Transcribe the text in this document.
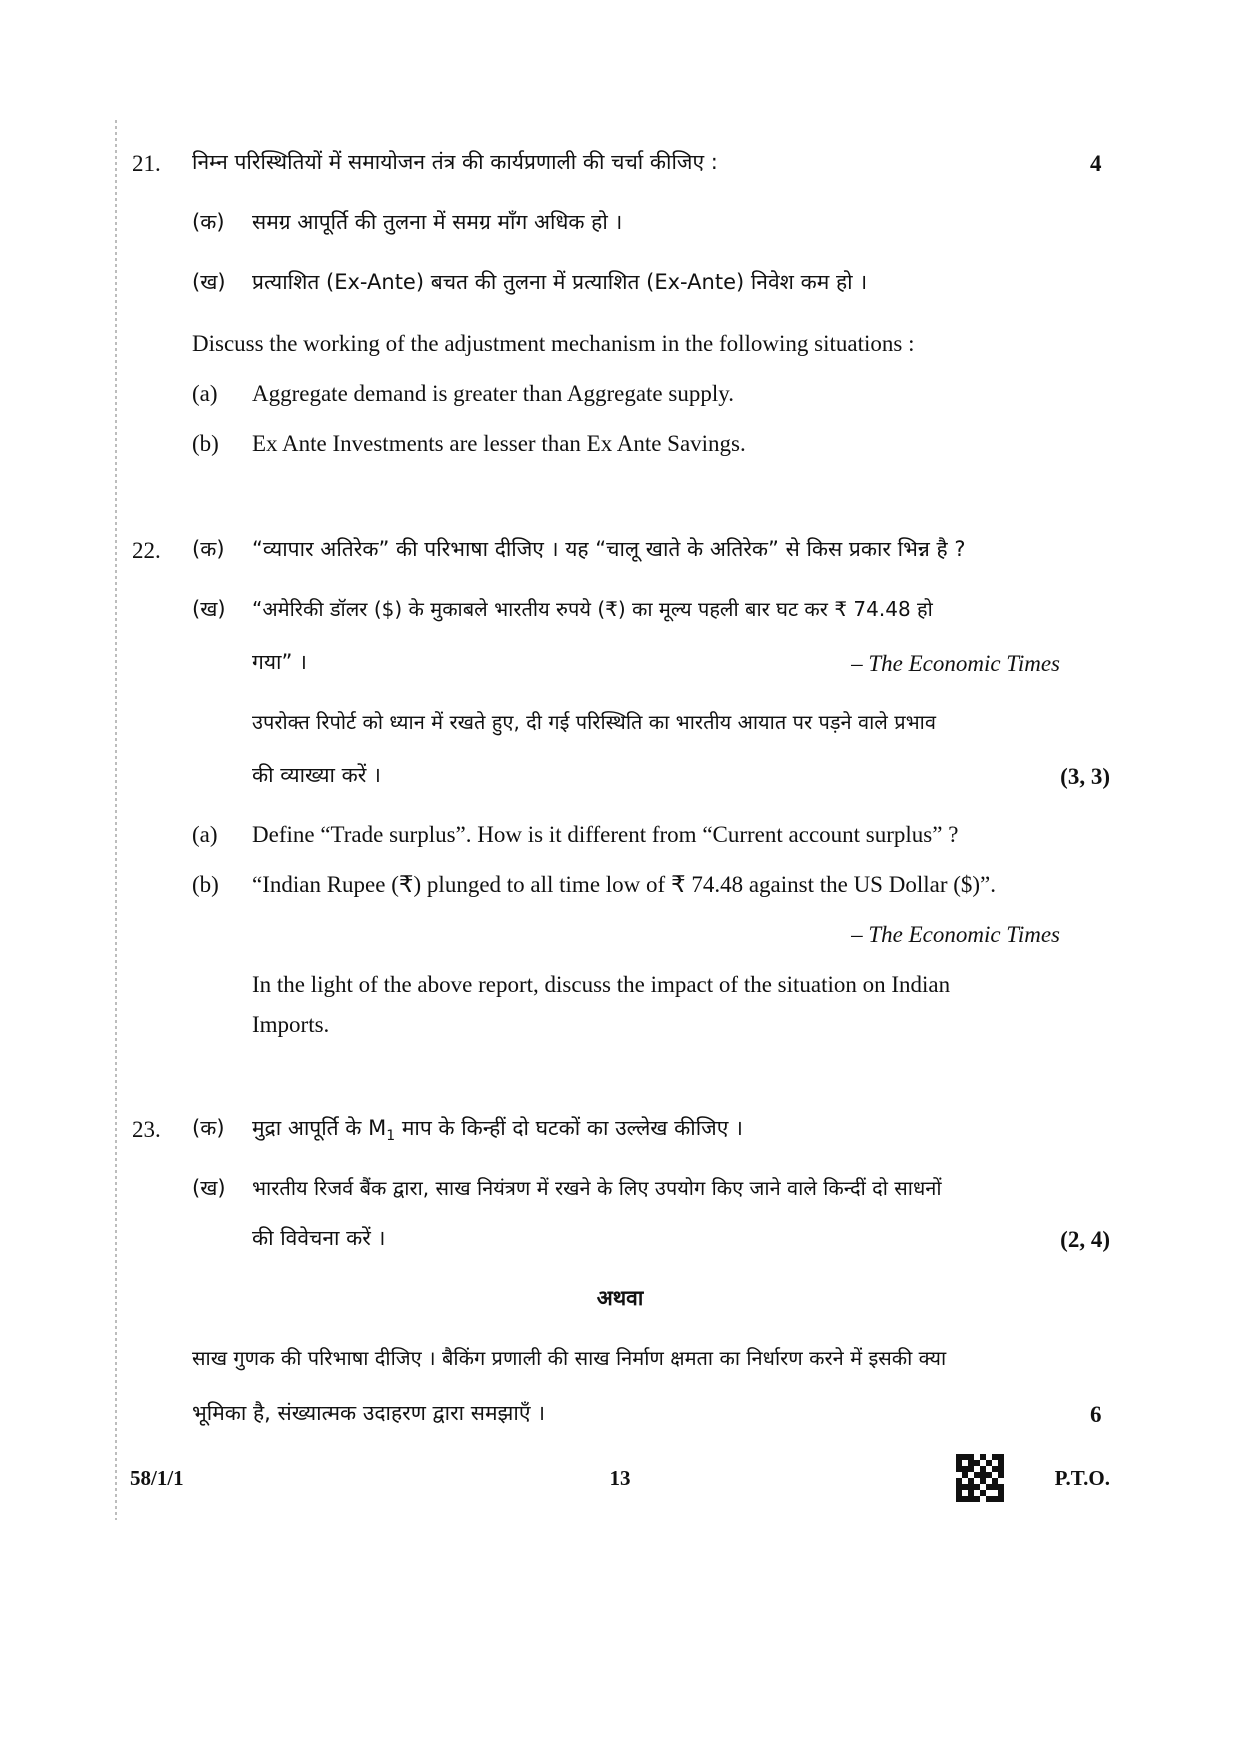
21. निम्न परिस्थितियों में समायोजन तंत्र की कार्यप्रणाली की चर्चा कीजिए :	4
(क) समग्र आपूर्ति की तुलना में समग्र माँग अधिक हो ।
(ख) प्रत्याशित (Ex-Ante) बचत की तुलना में प्रत्याशित (Ex-Ante) निवेश कम हो ।
Discuss the working of the adjustment mechanism in the following situations :
(a) Aggregate demand is greater than Aggregate supply.
(b) Ex Ante Investments are lesser than Ex Ante Savings.
22. (क) “व्यापार अतिरेक” की परिभाषा दीजिए । यह “चालू खाते के अतिरेक” से किस प्रकार भिन्न है ?
(ख) “अमेरिकी डॉलर ($) के मुकाबले भारतीय रुपये (₹) का मूल्य पहली बार घट कर ₹ 74.48 हो
गया” ।	– The Economic Times
उपरोक्त रिपोर्ट को ध्यान में रखते हुए, दी गई परिस्थिति का भारतीय आयात पर पड़ने वाले प्रभाव
की व्याख्या करें ।	(3, 3)
(a) Define “Trade surplus”. How is it different from “Current account surplus” ?
(b) “Indian Rupee (₹) plunged to all time low of ₹ 74.48 against the US Dollar ($)”.
– The Economic Times
In the light of the above report, discuss the impact of the situation on Indian
Imports.
23. (क) मुद्रा आपूर्ति के $M_1$ माप के किन्हीं दो घटकों का उल्लेख कीजिए ।
(ख) भारतीय रिजर्व बैंक द्वारा, साख नियंत्रण में रखने के लिए उपयोग किए जाने वाले किन्दीं दो साधनों
की विवेचना करें ।	(2, 4)
अथवा
साख गुणक की परिभाषा दीजिए । बैकिंग प्रणाली की साख निर्माण क्षमता का निर्धारण करने में इसकी क्या
भूमिका है, संख्यात्मक उदाहरण द्वारा समझाएँ ।	6
58/1/1	13	P.T.O.
